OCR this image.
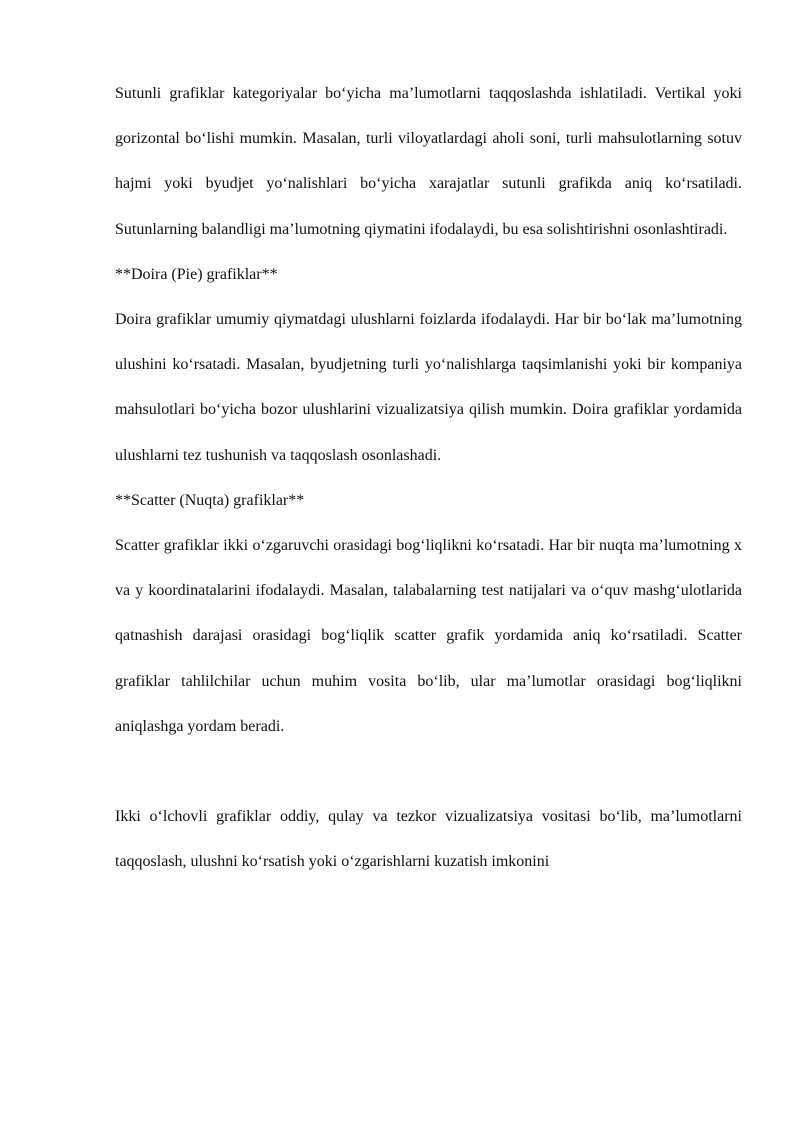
Sutunli grafiklar kategoriyalar bo‘yicha ma’lumotlarni taqqoslashda ishlatiladi. Vertikal yoki gorizontal bo‘lishi mumkin. Masalan, turli viloyatlardagi aholi soni, turli mahsulotlarning sotuv hajmi yoki byudjet yo‘nalishlari bo‘yicha xarajatlar sutunli grafikda aniq ko‘rsatiladi. Sutunlarning balandligi ma’lumotning qiymatini ifodalaydi, bu esa solishtirishni osonlashtiradi.

**Doira (Pie) grafiklar**

Doira grafiklar umumiy qiymatdagi ulushlarni foizlarda ifodalaydi. Har bir bo‘lak ma’lumotning ulushini ko‘rsatadi. Masalan, byudjetning turli yo‘nalishlarga taqsimlanishi yoki bir kompaniya mahsulotlari bo‘yicha bozor ulushlarini vizualizatsiya qilish mumkin. Doira grafiklar yordamida ulushlarni tez tushunish va taqqoslash osonlashadi.

**Scatter (Nuqta) grafiklar**

Scatter grafiklar ikki o‘zgaruvchi orasidagi bog‘liqlikni ko‘rsatadi. Har bir nuqta ma’lumotning x va y koordinatalarini ifodalaydi. Masalan, talabalarning test natijalari va o‘quv mashg‘ulotlarida qatnashish darajasi orasidagi bog‘liqlik scatter grafik yordamida aniq ko‘rsatiladi. Scatter grafiklar tahlilchilar uchun muhim vosita bo‘lib, ular ma’lumotlar orasidagi bog‘liqlikni aniqlashga yordam beradi.

Ikki o‘lchovli grafiklar oddiy, qulay va tezkor vizualizatsiya vositasi bo‘lib, ma’lumotlarni taqqoslash, ulushni ko‘rsatish yoki o‘zgarishlarni kuzatish imkonini
